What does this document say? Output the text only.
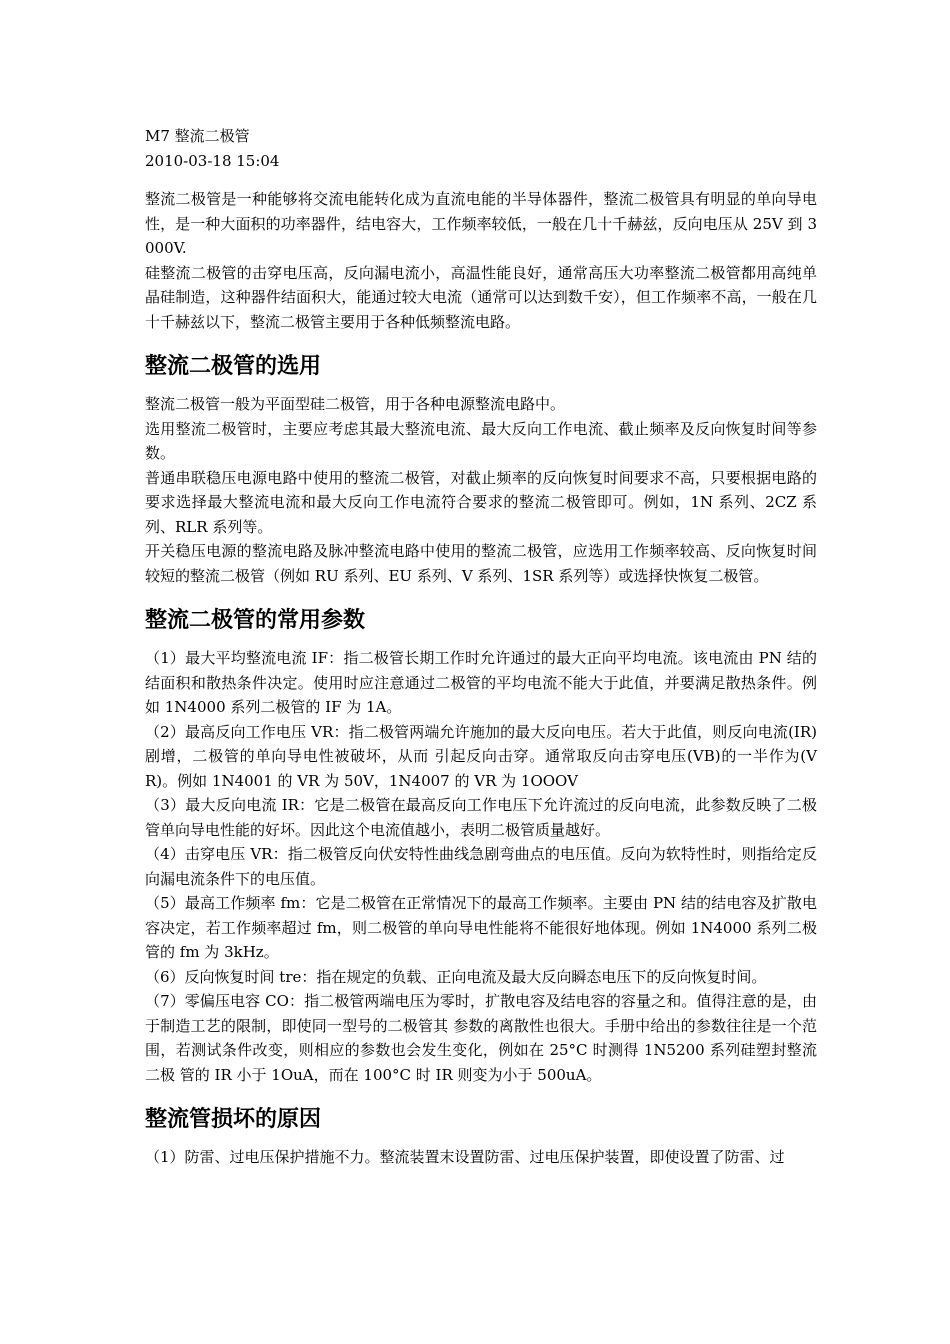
M7 整流二极管

2010-03-18 15:04

整流二极管是一种能够将交流电能转化成为直流电能的半导体器件，整流二极管具有明显的单向导电性，是一种大面积的功率器件，结电容大，工作频率较低，一般在几十千赫兹，反向电压从 25V 到 3000V.

硅整流二极管的击穿电压高，反向漏电流小，高温性能良好，通常高压大功率整流二极管都用高纯单晶硅制造，这种器件结面积大，能通过较大电流（通常可以达到数千安），但工作频率不高，一般在几十千赫兹以下，整流二极管主要用于各种低频整流电路。

整流二极管的选用

整流二极管一般为平面型硅二极管，用于各种电源整流电路中。

选用整流二极管时，主要应考虑其最大整流电流、最大反向工作电流、截止频率及反向恢复时间等参数。

普通串联稳压电源电路中使用的整流二极管，对截止频率的反向恢复时间要求不高，只要根据电路的要求选择最大整流电流和最大反向工作电流符合要求的整流二极管即可。例如，1N 系列、2CZ 系列、RLR 系列等。

开关稳压电源的整流电路及脉冲整流电路中使用的整流二极管，应选用工作频率较高、反向恢复时间较短的整流二极管（例如 RU 系列、EU 系列、V 系列、1SR 系列等）或选择快恢复二极管。

整流二极管的常用参数

（1）最大平均整流电流 IF：指二极管长期工作时允许通过的最大正向平均电流。该电流由 PN 结的结面积和散热条件决定。使用时应注意通过二极管的平均电流不能大于此值，并要满足散热条件。例如 1N4000 系列二极管的 IF 为 1A。

（2）最高反向工作电压 VR：指二极管两端允许施加的最大反向电压。若大于此值，则反向电流(IR)剧增，二极管的单向导电性被破坏，从而 引起反向击穿。通常取反向击穿电压(VB)的一半作为(VR)。例如 1N4001 的 VR 为 50V，1N4007 的 VR 为 1OOOV

（3）最大反向电流 IR：它是二极管在最高反向工作电压下允许流过的反向电流，此参数反映了二极管单向导电性能的好坏。因此这个电流值越小，表明二极管质量越好。

（4）击穿电压 VR：指二极管反向伏安特性曲线急剧弯曲点的电压值。反向为软特性时，则指给定反向漏电流条件下的电压值。

（5）最高工作频率 fm：它是二极管在正常情况下的最高工作频率。主要由 PN 结的结电容及扩散电容决定，若工作频率超过 fm，则二极管的单向导电性能将不能很好地体现。例如 1N4000 系列二极管的 fm 为 3kHz。

（6）反向恢复时间 tre：指在规定的负载、正向电流及最大反向瞬态电压下的反向恢复时间。

（7）零偏压电容 CO：指二极管两端电压为零时，扩散电容及结电容的容量之和。值得注意的是，由于制造工艺的限制，即使同一型号的二极管其 参数的离散性也很大。手册中给出的参数往往是一个范围，若测试条件改变，则相应的参数也会发生变化，例如在 25°C 时测得 1N5200 系列硅塑封整流二极 管的 IR 小于 1OuA，而在 100°C 时 IR 则变为小于 500uA。

整流管损坏的原因

（1）防雷、过电压保护措施不力。整流装置末设置防雷、过电压保护装置，即使设置了防雷、过
